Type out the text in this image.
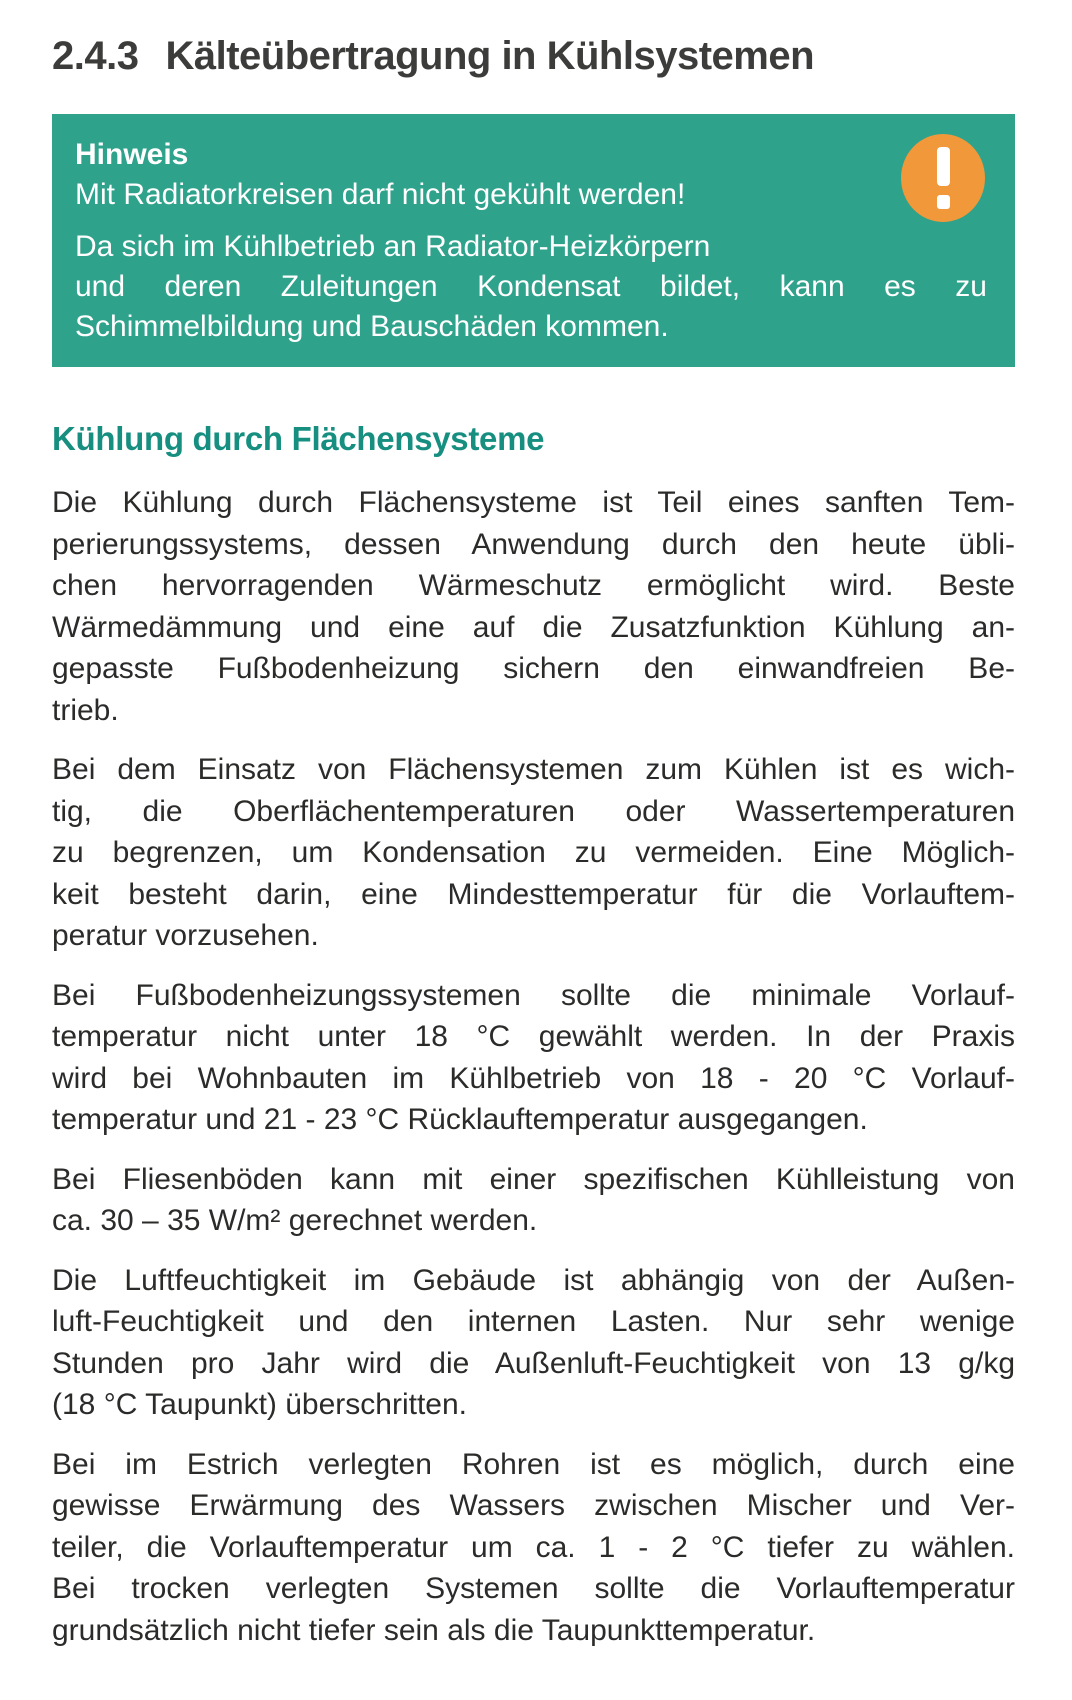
2.4.3 Kälteübertragung in Kühlsystemen
Hinweis
Mit Radiatorkreisen darf nicht gekühlt werden!
Da sich im Kühlbetrieb an Radiator-Heizkörpern
und deren Zuleitungen Kondensat bildet, kann es zu
Schimmelbildung und Bauschäden kommen.
Kühlung durch Flächensysteme
Die Kühlung durch Flächensysteme ist Teil eines sanften Tem-
perierungssystems, dessen Anwendung durch den heute übli-
chen hervorragenden Wärmeschutz ermöglicht wird. Beste
Wärmedämmung und eine auf die Zusatzfunktion Kühlung an-
gepasste Fußbodenheizung sichern den einwandfreien Be-
trieb.
Bei dem Einsatz von Flächensystemen zum Kühlen ist es wich-
tig, die Oberflächentemperaturen oder Wassertemperaturen
zu begrenzen, um Kondensation zu vermeiden. Eine Möglich-
keit besteht darin, eine Mindesttemperatur für die Vorlauftem-
peratur vorzusehen.
Bei Fußbodenheizungssystemen sollte die minimale Vorlauf-
temperatur nicht unter 18 °C gewählt werden. In der Praxis
wird bei Wohnbauten im Kühlbetrieb von 18 - 20 °C Vorlauf-
temperatur und 21 - 23 °C Rücklauftemperatur ausgegangen.
Bei Fliesenböden kann mit einer spezifischen Kühlleistung von
ca. 30 – 35 W/m² gerechnet werden.
Die Luftfeuchtigkeit im Gebäude ist abhängig von der Außen-
luft-Feuchtigkeit und den internen Lasten. Nur sehr wenige
Stunden pro Jahr wird die Außenluft-Feuchtigkeit von 13 g/kg
(18 °C Taupunkt) überschritten.
Bei im Estrich verlegten Rohren ist es möglich, durch eine
gewisse Erwärmung des Wassers zwischen Mischer und Ver-
teiler, die Vorlauftemperatur um ca. 1 - 2 °C tiefer zu wählen.
Bei trocken verlegten Systemen sollte die Vorlauftemperatur
grundsätzlich nicht tiefer sein als die Taupunkttemperatur.
